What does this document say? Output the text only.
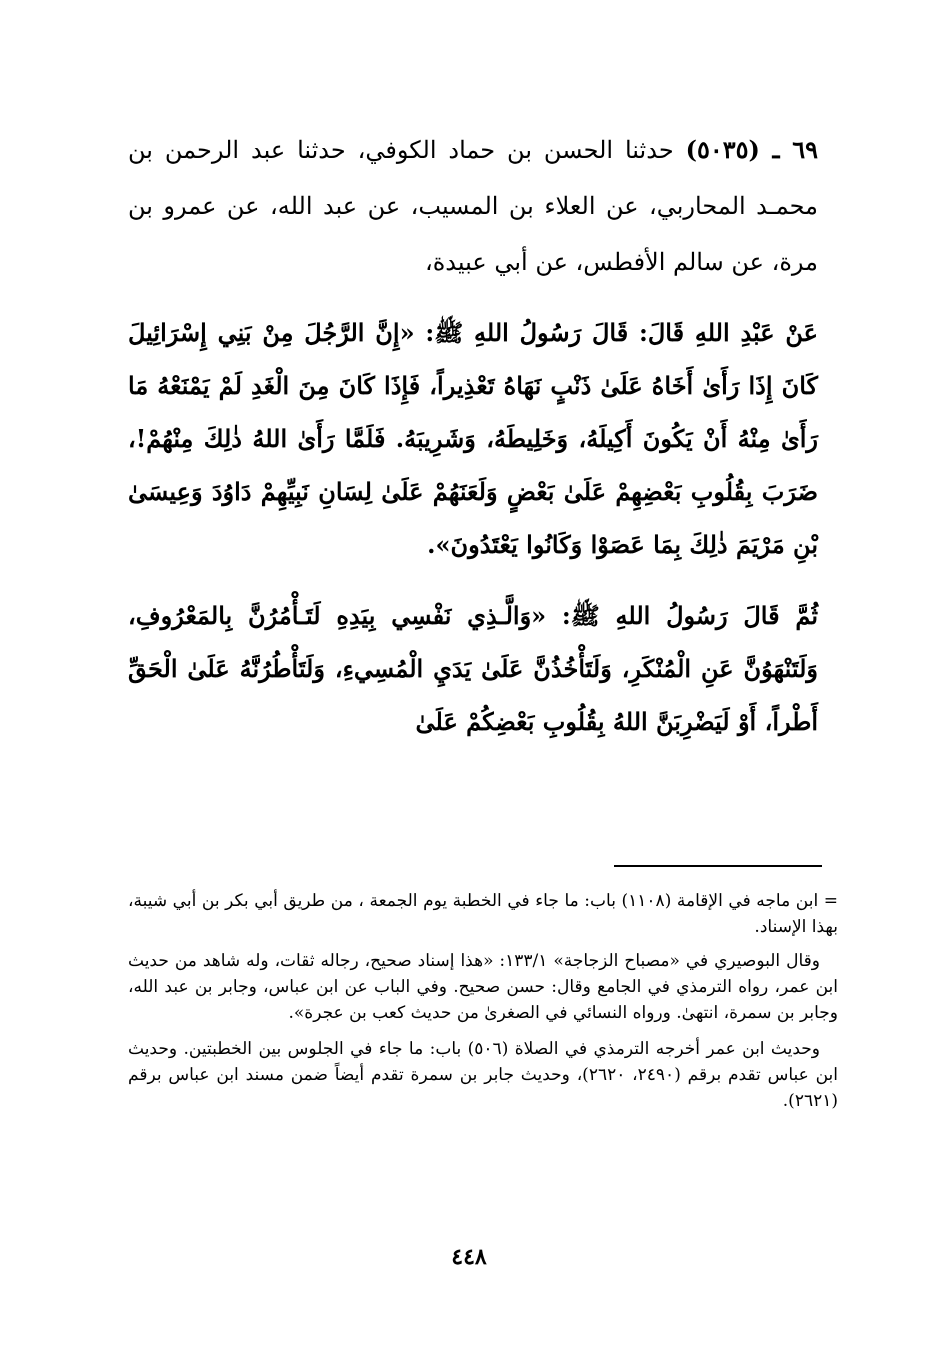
٦٩ ـ (٥٠٣٥) حدثنا الحسن بن حماد الكوفي، حدثنا عبد الرحمن بن محمـد المحاربي، عن العلاء بن المسيب، عن عبد الله، عن عمرو بن مرة، عن سالم الأفطس، عن أبي عبيدة،

عَنْ عَبْدِ اللهِ قَالَ: قَالَ رَسُولُ اللهِ ﷺ: «إِنَّ الرَّجُلَ مِنْ بَنِي إِسْرَائِيلَ كَانَ إِذَا رَأَىٰ أَخَاهُ عَلَىٰ ذَنْبٍ نَهَاهُ تَعْذِيراً، فَإِذَا كَانَ مِنَ الْغَدِ لَمْ يَمْنَعْهُ مَا رَأَىٰ مِنْهُ أَنْ يَكُونَ أَكِيلَهُ، وَخَلِيطَهُ، وَشَرِيبَهُ. فَلَمَّا رَأَىٰ اللهُ ذٰلِكَ مِنْهُمْ!، ضَرَبَ بِقُلُوبِ بَعْضِهِمْ عَلَىٰ بَعْضٍ وَلَعَنَهُمْ عَلَىٰ لِسَانِ نَبِيِّهِمْ دَاوُدَ وَعِيسَىٰ بْنِ مَرْيَمَ ذٰلِكَ بِمَا عَصَوْا وَكَانُوا يَعْتَدُونَ».

ثُمَّ قَالَ رَسُولُ اللهِ ﷺ: «وَالَّـذِي نَفْسِي بِيَدِهِ لَتَـأْمُرُنَّ بِالمَعْرُوفِ، وَلَتَنْهَوُنَّ عَنِ الْمُنْكَرِ، وَلَتَأْخُذُنَّ عَلَىٰ يَدَيِ الْمُسِيءِ، وَلَتَأْطُرُنَّهُ عَلَىٰ الْحَقِّ أَطْراً، أَوْ لَيَضْرِبَنَّ اللهُ بِقُلُوبِ بَعْضِكُمْ عَلَىٰ

= ابن ماجه في الإقامة (١١٠٨) باب: ما جاء في الخطبة يوم الجمعة ، من طريق أبي بكر بن أبي شيبة، بهذا الإسناد.

وقال البوصيري في «مصباح الزجاجة» ١٣٣/١: «هذا إسناد صحيح، رجاله ثقات، وله شاهد من حديث ابن عمر، رواه الترمذي في الجامع وقال: حسن صحيح. وفي الباب عن ابن عباس، وجابر بن عبد الله، وجابر بن سمرة، انتهىٰ. ورواه النسائي في الصغرىٰ من حديث كعب بن عجرة».

وحديث ابن عمر أخرجه الترمذي في الصلاة (٥٠٦) باب: ما جاء في الجلوس بين الخطبتين. وحديث ابن عباس تقدم برقم (٢٤٩٠، ٢٦٢٠)، وحديث جابر بن سمرة تقدم أيضاً ضمن مسند ابن عباس برقم (٢٦٢١).

٤٤٨
